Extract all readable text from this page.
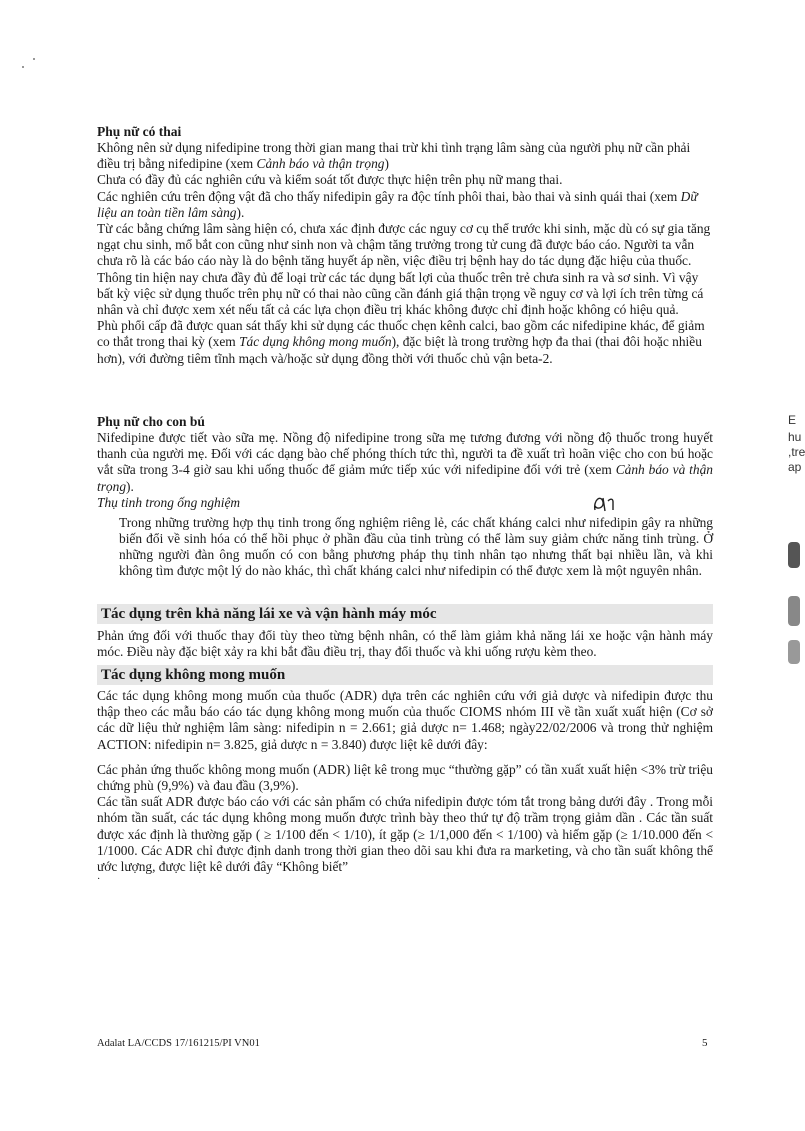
Phụ nữ có thai

Không nên sử dụng nifedipine trong thời gian mang thai trừ khi tình trạng lâm sàng của người phụ nữ cần phải điều trị bằng nifedipine (xem Cảnh báo và thận trọng)

Chưa có đầy đủ các nghiên cứu và kiểm soát tốt được thực hiện trên phụ nữ mang thai.

Các nghiên cứu trên động vật đã cho thấy nifedipin gây ra độc tính phôi thai, bào thai và sinh quái thai (xem Dữ liệu an toàn tiền lâm sàng).

Từ các bằng chứng lâm sàng hiện có, chưa xác định được các nguy cơ cụ thể trước khi sinh, mặc dù có sự gia tăng ngạt chu sinh, mổ bắt con cũng như sinh non và chậm tăng trưởng trong tử cung đã được báo cáo. Người ta vẫn chưa rõ là các báo cáo này là do bệnh tăng huyết áp nền, việc điều trị bệnh hay do tác dụng đặc hiệu của thuốc.

Thông tin hiện nay chưa đầy đủ để loại trừ các tác dụng bất lợi của thuốc trên trẻ chưa sinh ra và sơ sinh. Vì vậy bất kỳ việc sử dụng thuốc trên phụ nữ có thai nào cũng cần đánh giá thận trọng về nguy cơ và lợi ích trên từng cá nhân và chỉ được xem xét nếu tất cả các lựa chọn điều trị khác không được chỉ định hoặc không có hiệu quả.

Phù phổi cấp đã được quan sát thấy khi sử dụng các thuốc chẹn kênh calci, bao gồm các nifedipine khác, để giảm co thắt trong thai kỳ (xem Tác dụng không mong muốn), đặc biệt là trong trường hợp đa thai (thai đôi hoặc nhiều hơn), với đường tiêm tĩnh mạch và/hoặc sử dụng đồng thời với thuốc chủ vận beta-2.

Phụ nữ cho con bú

Nifedipine được tiết vào sữa mẹ. Nồng độ nifedipine trong sữa mẹ tương đương với nồng độ thuốc trong huyết thanh của người mẹ. Đối với các dạng bào chế phóng thích tức thì, người ta đề xuất trì hoãn việc cho con bú hoặc vắt sữa trong 3-4 giờ sau khi uống thuốc để giảm mức tiếp xúc với nifedipine đối với trẻ (xem Cảnh báo và thận trọng).

Thụ tinh trong ống nghiệm

Trong những trường hợp thụ tinh trong ống nghiệm riêng lẻ, các chất kháng calci như nifedipin gây ra những biến đổi về sinh hóa có thể hồi phục ở phần đầu của tinh trùng có thể làm suy giảm chức năng tinh trùng. Ở những người đàn ông muốn có con bằng phương pháp thụ tinh nhân tạo nhưng thất bại nhiều lần, và khi không tìm được một lý do nào khác, thì chất kháng calci như nifedipin có thể được xem là một nguyên nhân.

Tác dụng trên khả năng lái xe và vận hành máy móc

Phản ứng đối với thuốc thay đổi tùy theo từng bệnh nhân, có thể làm giảm khả năng lái xe hoặc vận hành máy móc. Điều này đặc biệt xảy ra khi bắt đầu điều trị, thay đổi thuốc và khi uống rượu kèm theo.

Tác dụng không mong muốn

Các tác dụng không mong muốn của thuốc (ADR) dựa trên các nghiên cứu với giả dược và nifedipin được thu thập theo các mẫu báo cáo tác dụng không mong muốn của thuốc CIOMS nhóm III về tần xuất xuất hiện (Cơ sở các dữ liệu thử nghiệm lâm sàng: nifedipin n = 2.661; giả dược n= 1.468; ngày22/02/2006 và trong thử nghiệm ACTION: nifedipin n= 3.825, giả dược n = 3.840) được liệt kê dưới đây:

Các phản ứng thuốc không mong muốn (ADR) liệt kê trong mục “thường gặp” có tần xuất xuất hiện <3% trừ triệu chứng phù (9,9%) và đau đầu (3,9%).

Các tần suất ADR được báo cáo với các sản phẩm có chứa nifedipin được tóm tắt trong bảng dưới đây . Trong mỗi nhóm tần suất, các tác dụng không mong muốn được trình bày theo thứ tự độ trầm trọng giảm dần . Các tần suất được xác định là thường gặp ( ≥ 1/100 đến < 1/10), ít gặp (≥ 1/1,000 đến < 1/100) và hiếm gặp (≥ 1/10.000 đến < 1/1000. Các ADR chỉ được định danh trong thời gian theo dõi sau khi đưa ra marketing, và cho tần suất không thể ước lượng, được liệt kê dưới đây “Không biết”

·

E
hu
,tre
ap
Adalat LA/CCDS 17/161215/PI VN01	5
